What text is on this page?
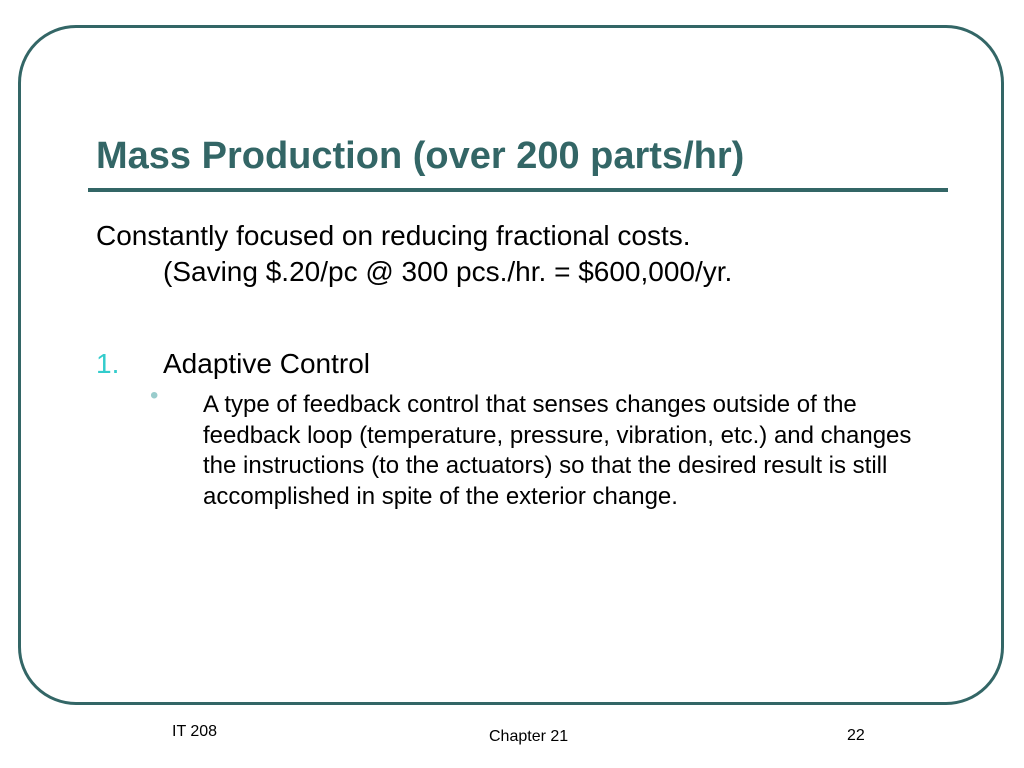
Mass Production (over 200 parts/hr)
Constantly focused on reducing fractional costs.
(Saving $.20/pc @ 300 pcs./hr. = $600,000/yr.
1. Adaptive Control
•	A type of feedback control that senses changes outside of the feedback loop (temperature, pressure, vibration, etc.) and changes the instructions (to the actuators) so that the desired result is still accomplished in spite of the exterior change.
IT 208	Chapter 21	22
